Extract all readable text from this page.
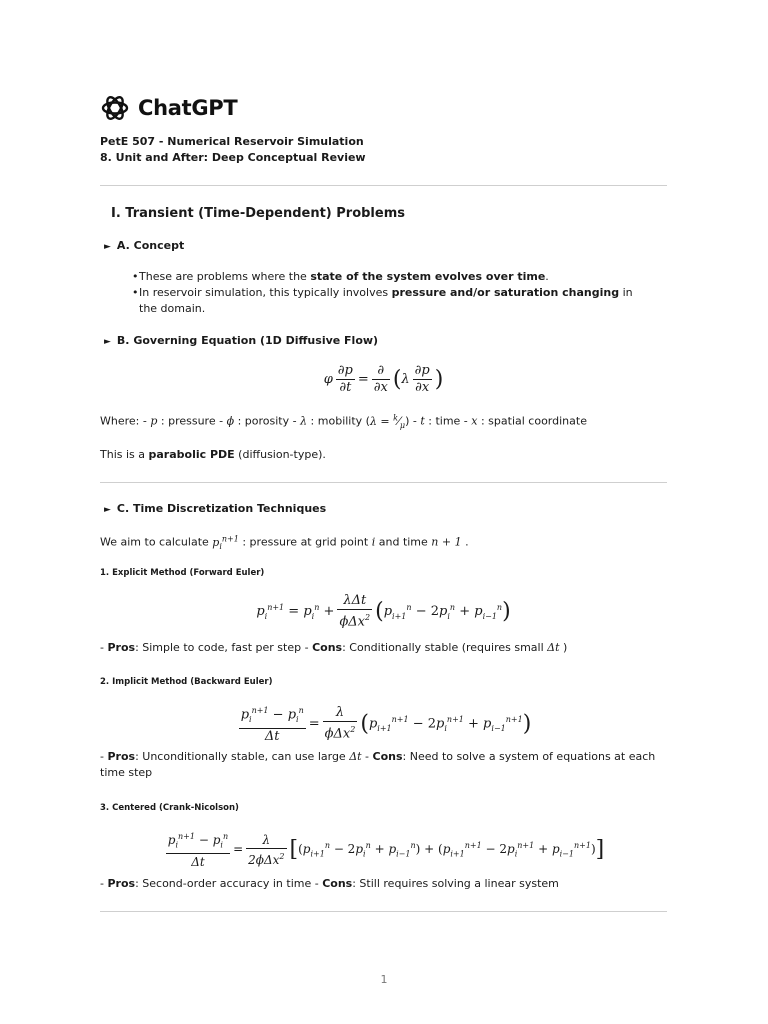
ChatGPT
PetE 507 - Numerical Reservoir Simulation
8. Unit and After: Deep Conceptual Review
I. Transient (Time-Dependent) Problems
► A. Concept
•These are problems where the state of the system evolves over time.
•In reservoir simulation, this typically involves pressure and/or saturation changing in the domain.
► B. Governing Equation (1D Diffusive Flow)
φ $\frac{\partial p}{\partial t} = \frac{\partial}{\partial x} (\lambda \frac{\partial p}{\partial x}$ )
Where: - p : pressure - ϕ : porosity - λ : mobility $(\lambda = ^k⁄_\mu) - t$ : time - x : spatial coordinate
This is a parabolic PDE (diffusion-type).
► C. Time Discretization Techniques
We aim to calculate $p_i^{n+1}$ : pressure at grid point i and time n + 1 .
1. Explicit Method (Forward Euler)
$p_i^{n+1} = p_i^n + \frac{\text{λΔt}}{\phi\Delta x^2} (p_{i+1}^n - 2p_i^n + p_{i-1}^n)$
- Pros: Simple to code, fast per step - Cons: Conditionally stable (requires small Δt )
2. Implicit Method (Backward Euler)
$\frac{p_i^{n+1} - p_i^n}{\Delta t} = \frac{\lambda}{\phi\Delta x^2} (p_{i+1}^{n+1} - 2p_i^{n+1} + p_{i-1}^{n+1})$
- Pros: Unconditionally stable, can use large Δt - Cons: Need to solve a system of equations at each time step
3. Centered (Crank-Nicolson)
$\frac{p_i^{n+1} - p_i^n}{\Delta t} = \frac{\lambda}{2\phi\Delta x^2} [(p_{i+1}^n - 2p_i^n + p_{i-1}^n) + (p_{i+1}^{n+1} - 2p_i^{n+1} + p_{i-1}^{n+1})]$
- Pros: Second-order accuracy in time - Cons: Still requires solving a linear system
1
